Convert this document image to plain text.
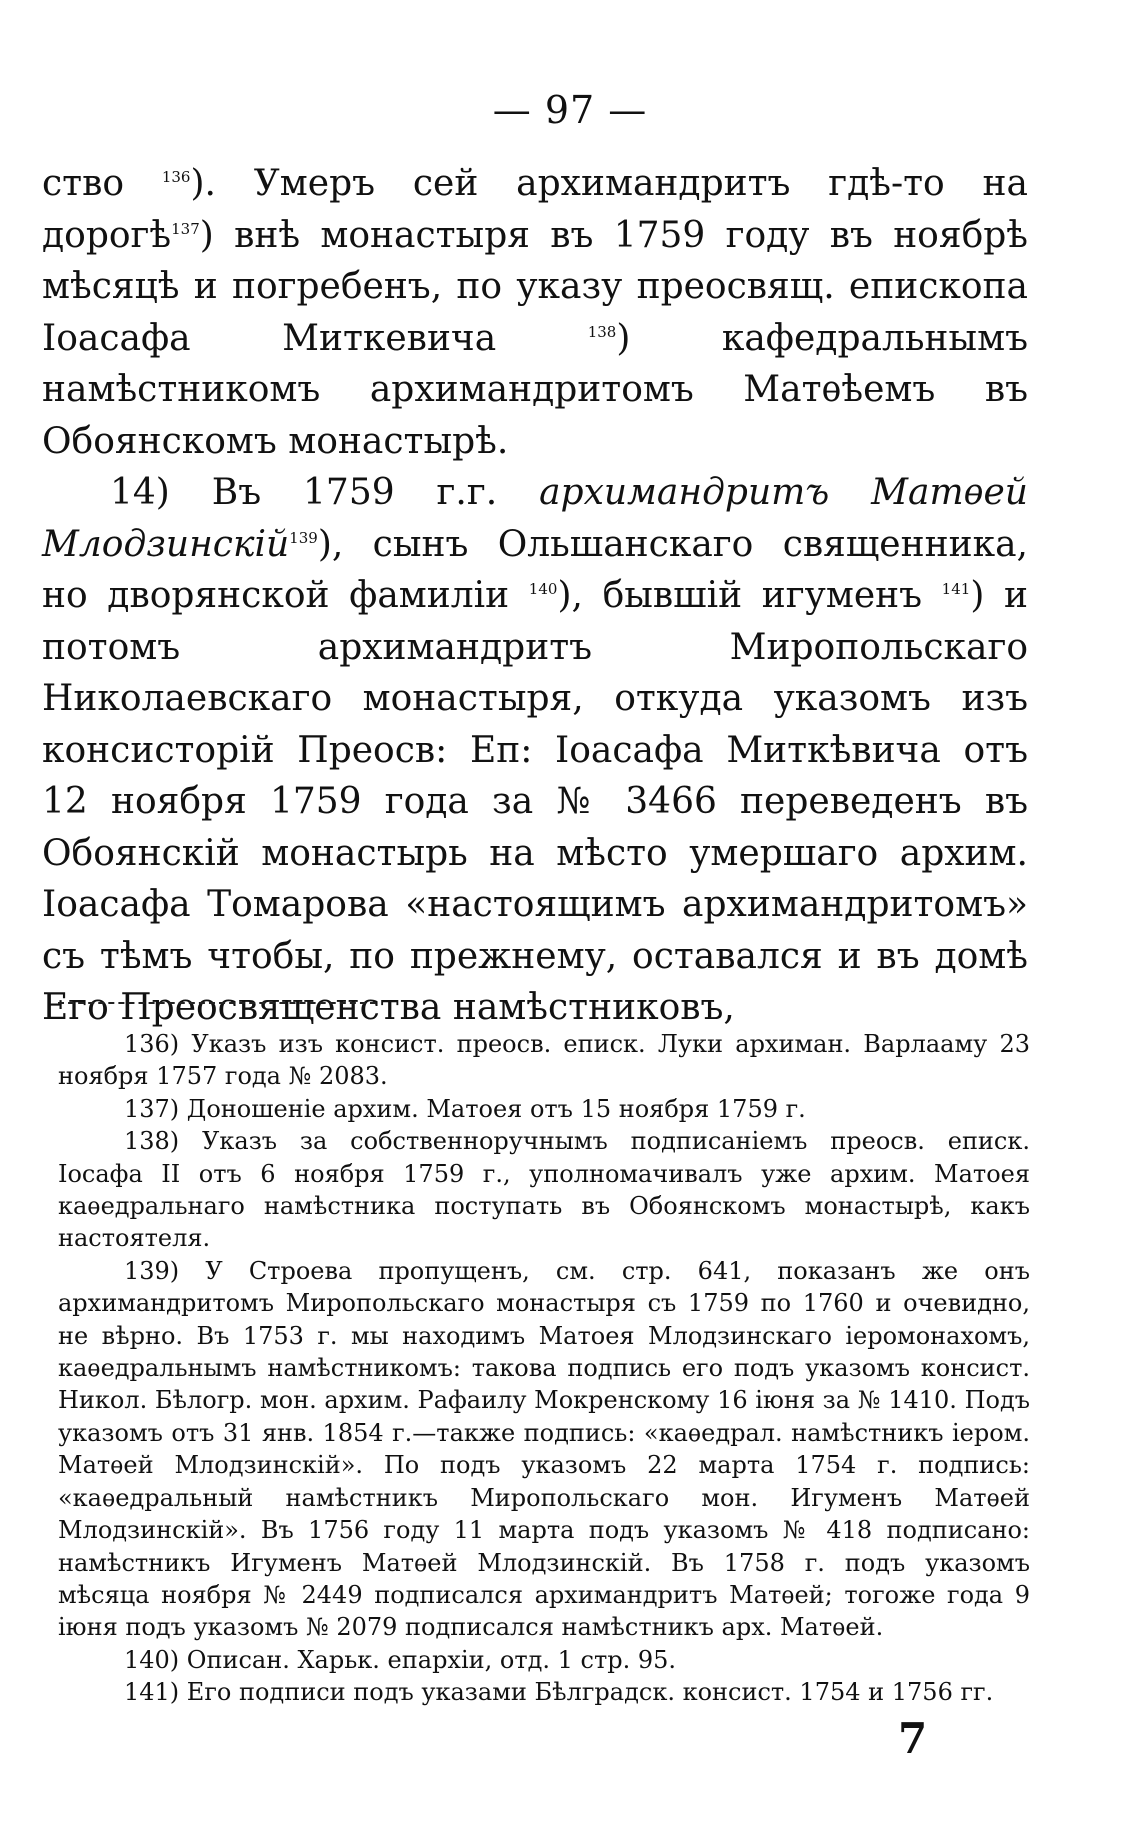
— 97 —

ство $^{136}$). Умеръ сей архимандритъ гдѣ-то на дорогѣ$^{137}$) внѣ монастыря въ 1759 году въ ноябрѣ мѣсяцѣ и погребенъ, по указу преосвящ. епископа Іоасафа Миткевича $^{138}$) кафедральнымъ намѣстникомъ архимандритомъ Матѳѣемъ въ Обоянскомъ монастырѣ.

14) Въ 1759 г.г. архимандритъ Матѳей Млодзинскій$^{139}$), сынъ Ольшанскаго священника, но дворянской фамиліи $^{140}$), бывшій игуменъ $^{141}$) и потомъ архимандритъ Миропольскаго Николаевскаго монастыря, откуда указомъ изъ консисторій Преосв: Еп: Іоасафа Миткѣвича отъ 12 ноября 1759 года за № 3466 переведенъ въ Обоянскій монастырь на мѣсто умершаго архим. Іоасафа Томарова «настоящимъ архимандритомъ» съ тѣмъ чтобы, по прежнему, оставался и въ домѣ Его Преосвященства намѣстниковъ,

136) Указъ изъ консист. преосв. еписк. Луки архиман. Варлааму 23 ноября 1757 года № 2083.

137) Доношеніе архим. Матоея отъ 15 ноября 1759 г.

138) Указъ за собственноручнымъ подписаніемъ преосв. еписк. Іосафа II отъ 6 ноября 1759 г., уполномачивалъ уже архим. Матоея каѳедральнаго намѣстника поступать въ Обоянскомъ монастырѣ, какъ настоятеля.

139) У Строева пропущенъ, см. стр. 641, показанъ же онъ архимандритомъ Миропольскаго монастыря съ 1759 по 1760 и очевидно, не вѣрно. Въ 1753 г. мы находимъ Матоея Млодзинскаго іеромонахомъ, каѳедральнымъ намѣстникомъ: такова подпись его подъ указомъ консист. Никол. Бѣлогр. мон. архим. Рафаилу Мокренскому 16 іюня за № 1410. Подъ указомъ отъ 31 янв. 1854 г.—также подпись: «каѳедрал. намѣстникъ іером. Матѳей Млодзинскій». По подъ указомъ 22 марта 1754 г. подпись: «каѳедральный намѣстникъ Миропольскаго мон. Игуменъ Матѳей Млодзинскій». Въ 1756 году 11 марта подъ указомъ № 418 подписано: намѣстникъ Игуменъ Матѳей Млодзинскій. Въ 1758 г. подъ указомъ мѣсяца ноября № 2449 подписался архимандритъ Матѳей; тогоже года 9 іюня подъ указомъ № 2079 подписался намѣстникъ арх. Матѳей.

140) Описан. Харьк. епархіи, отд. 1 стр. 95.

141) Его подписи подъ указами Бѣлградск. консист. 1754 и 1756 гг.

7
